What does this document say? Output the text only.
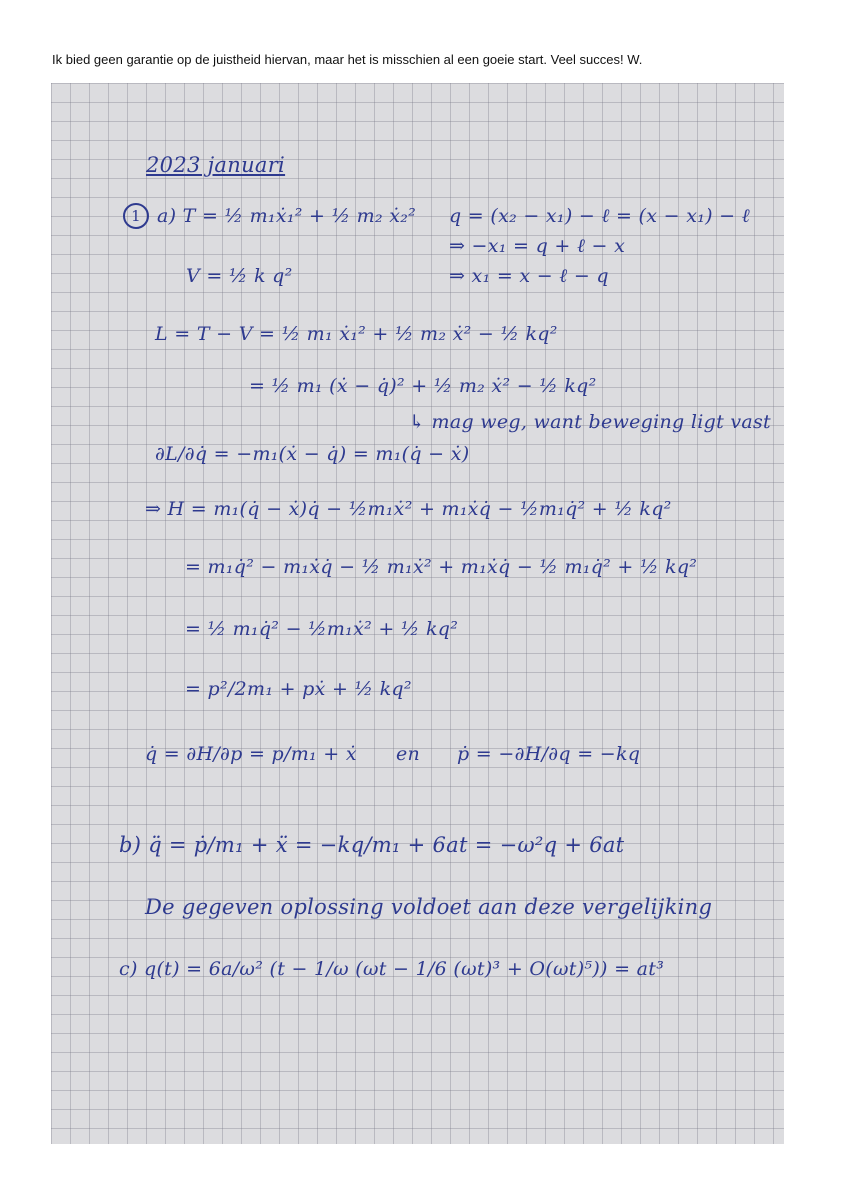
Ik bied geen garantie op de juistheid hiervan, maar het is misschien al een goeie start. Veel succes! W.
2023 januari
1 a) T = ½ m₁ẋ₁² + ½ m₂ ẋ₂² q = (x₂ − x₁) − ℓ = (x − x₁) − ℓ
⇒ −x₁ = q + ℓ − x
⇒ x₁ = x − ℓ − q
V = ½ k q²
L = T − V = ½ m₁ ẋ₁² + ½ m₂ ẋ² − ½ kq²
= ½ m₁ (ẋ − q̇)² + ½ m₂ ẋ² − ½ kq²
↳ mag weg, want beweging ligt vast
∂L/∂q̇ = −m₁(ẋ − q̇) = m₁(q̇ − ẋ)
⇒ H = m₁(q̇ − ẋ)q̇ − ½m₁ẋ² + m₁ẋq̇ − ½m₁q̇² + ½ kq²
= m₁q̇² − m₁ẋq̇ − ½ m₁ẋ² + m₁ẋq̇ − ½ m₁q̇² + ½ kq²
= ½ m₁q̇² − ½m₁ẋ² + ½ kq²
= p²/2m₁ + pẋ + ½ kq²
q̇ = ∂H/∂p = p/m₁ + ẋ en ṗ = −∂H/∂q = −kq
b) q̈ = ṗ/m₁ + ẍ = −kq/m₁ + 6at = −ω²q + 6at
De gegeven oplossing voldoet aan deze vergelijking
c) q(t) = 6a/ω² (t − 1/ω (ωt − 1/6 (ωt)³ + O(ωt)⁵)) = at³
